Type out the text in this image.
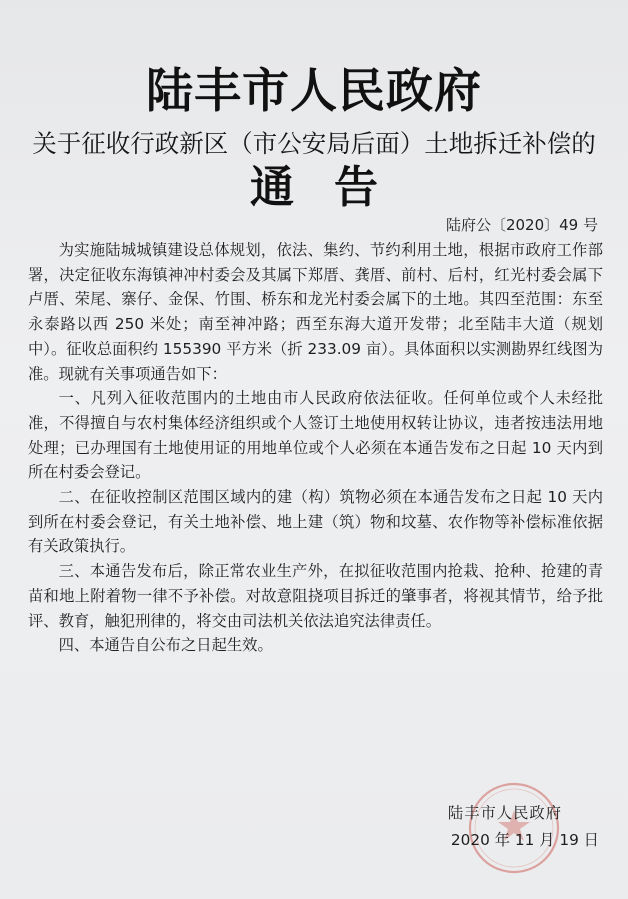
陆丰市人民政府
关于征收行政新区（市公安局后面）土地拆迁补偿的
通告
陆府公〔2020〕49 号

为实施陆城城镇建设总体规划，依法、集约、节约利用土地，根据市政府工作部署，决定征收东海镇神冲村委会及其属下郑厝、龚厝、前村、后村，红光村委会属下卢厝、荣尾、寨仔、金保、竹围、桥东和龙光村委会属下的土地。其四至范围：东至永泰路以西 250 米处；南至神冲路；西至东海大道开发带；北至陆丰大道（规划中）。征收总面积约 155390 平方米（折 233.09 亩）。具体面积以实测勘界红线图为准。现就有关事项通告如下：

一、凡列入征收范围内的土地由市人民政府依法征收。任何单位或个人未经批准，不得擅自与农村集体经济组织或个人签订土地使用权转让协议，违者按违法用地处理；已办理国有土地使用证的用地单位或个人必须在本通告发布之日起 10 天内到所在村委会登记。

二、在征收控制区范围区域内的建（构）筑物必须在本通告发布之日起 10 天内到所在村委会登记，有关土地补偿、地上建（筑）物和坟墓、农作物等补偿标准依据有关政策执行。

三、本通告发布后，除正常农业生产外，在拟征收范围内抢栽、抢种、抢建的青苗和地上附着物一律不予补偿。对故意阻挠项目拆迁的肇事者，将视其情节，给予批评、教育，触犯刑律的，将交由司法机关依法追究法律责任。

四、本通告自公布之日起生效。

陆丰市人民政府
2020 年 11 月 19 日
